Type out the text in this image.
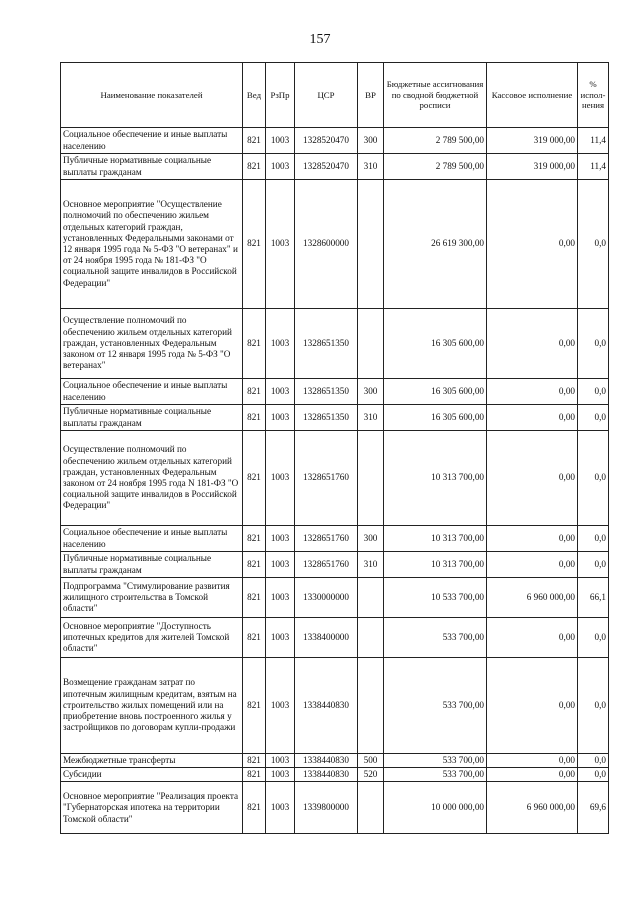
157
Наименование показателей	Вед	РзПр	ЦСР	ВР	Бюджетные ассигнования по сводной бюджетной росписи	Кассовое исполнение	% испол-нения
Социальное обеспечение и иные выплаты населению	821	1003	1328520470	300	2 789 500,00	319 000,00	11,4
Публичные нормативные социальные выплаты гражданам	821	1003	1328520470	310	2 789 500,00	319 000,00	11,4
Основное мероприятие "Осуществление полномочий по обеспечению жильем отдельных категорий граждан, установленных Федеральными законами от 12 января 1995 года № 5-ФЗ "О ветеранах" и от 24 ноября 1995 года № 181-ФЗ "О социальной защите инвалидов в Российской Федерации"	821	1003	1328600000		26 619 300,00	0,00	0,0
Осуществление полномочий по обеспечению жильем отдельных категорий граждан, установленных Федеральным законом от 12 января 1995 года № 5-ФЗ "О ветеранах"	821	1003	1328651350		16 305 600,00	0,00	0,0
Социальное обеспечение и иные выплаты населению	821	1003	1328651350	300	16 305 600,00	0,00	0,0
Публичные нормативные социальные выплаты гражданам	821	1003	1328651350	310	16 305 600,00	0,00	0,0
Осуществление полномочий по обеспечению жильем отдельных категорий граждан, установленных Федеральным законом от 24 ноября 1995 года N 181-ФЗ "О социальной защите инвалидов в Российской Федерации"	821	1003	1328651760		10 313 700,00	0,00	0,0
Социальное обеспечение и иные выплаты населению	821	1003	1328651760	300	10 313 700,00	0,00	0,0
Публичные нормативные социальные выплаты гражданам	821	1003	1328651760	310	10 313 700,00	0,00	0,0
Подпрограмма "Стимулирование развития жилищного строительства в Томской области"	821	1003	1330000000		10 533 700,00	6 960 000,00	66,1
Основное мероприятие "Доступность ипотечных кредитов для жителей Томской области"	821	1003	1338400000		533 700,00	0,00	0,0
Возмещение гражданам затрат по ипотечным жилищным кредитам, взятым на строительство жилых помещений или на приобретение вновь построенного жилья у застройщиков по договорам купли-продажи	821	1003	1338440830		533 700,00	0,00	0,0
Межбюджетные трансферты	821	1003	1338440830	500	533 700,00	0,00	0,0
Субсидии	821	1003	1338440830	520	533 700,00	0,00	0,0
Основное мероприятие "Реализация проекта "Губернаторская ипотека на территории Томской области"	821	1003	1339800000		10 000 000,00	6 960 000,00	69,6
